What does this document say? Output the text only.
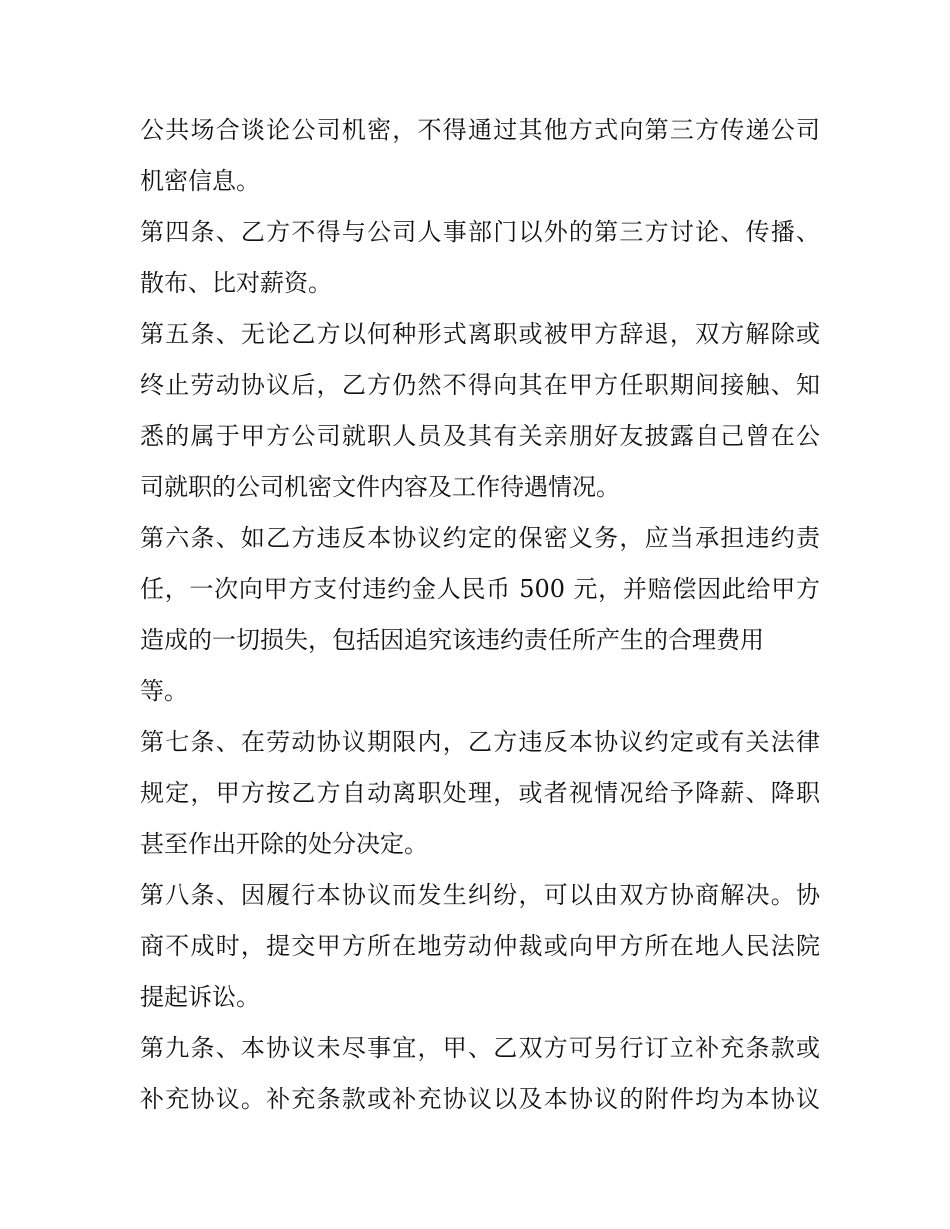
公共场合谈论公司机密，不得通过其他方式向第三方传递公司
机密信息。
第四条、乙方不得与公司人事部门以外的第三方讨论、传播、
散布、比对薪资。
第五条、无论乙方以何种形式离职或被甲方辞退，双方解除或
终止劳动协议后，乙方仍然不得向其在甲方任职期间接触、知
悉的属于甲方公司就职人员及其有关亲朋好友披露自己曾在公
司就职的公司机密文件内容及工作待遇情况。
第六条、如乙方违反本协议约定的保密义务，应当承担违约责
任，一次向甲方支付违约金人民币 500 元，并赔偿因此给甲方
造成的一切损失，包括因追究该违约责任所产生的合理费用
等。
第七条、在劳动协议期限内，乙方违反本协议约定或有关法律
规定，甲方按乙方自动离职处理，或者视情况给予降薪、降职
甚至作出开除的处分决定。
第八条、因履行本协议而发生纠纷，可以由双方协商解决。协
商不成时，提交甲方所在地劳动仲裁或向甲方所在地人民法院
提起诉讼。
第九条、本协议未尽事宜，甲、乙双方可另行订立补充条款或
补充协议。补充条款或补充协议以及本协议的附件均为本协议
